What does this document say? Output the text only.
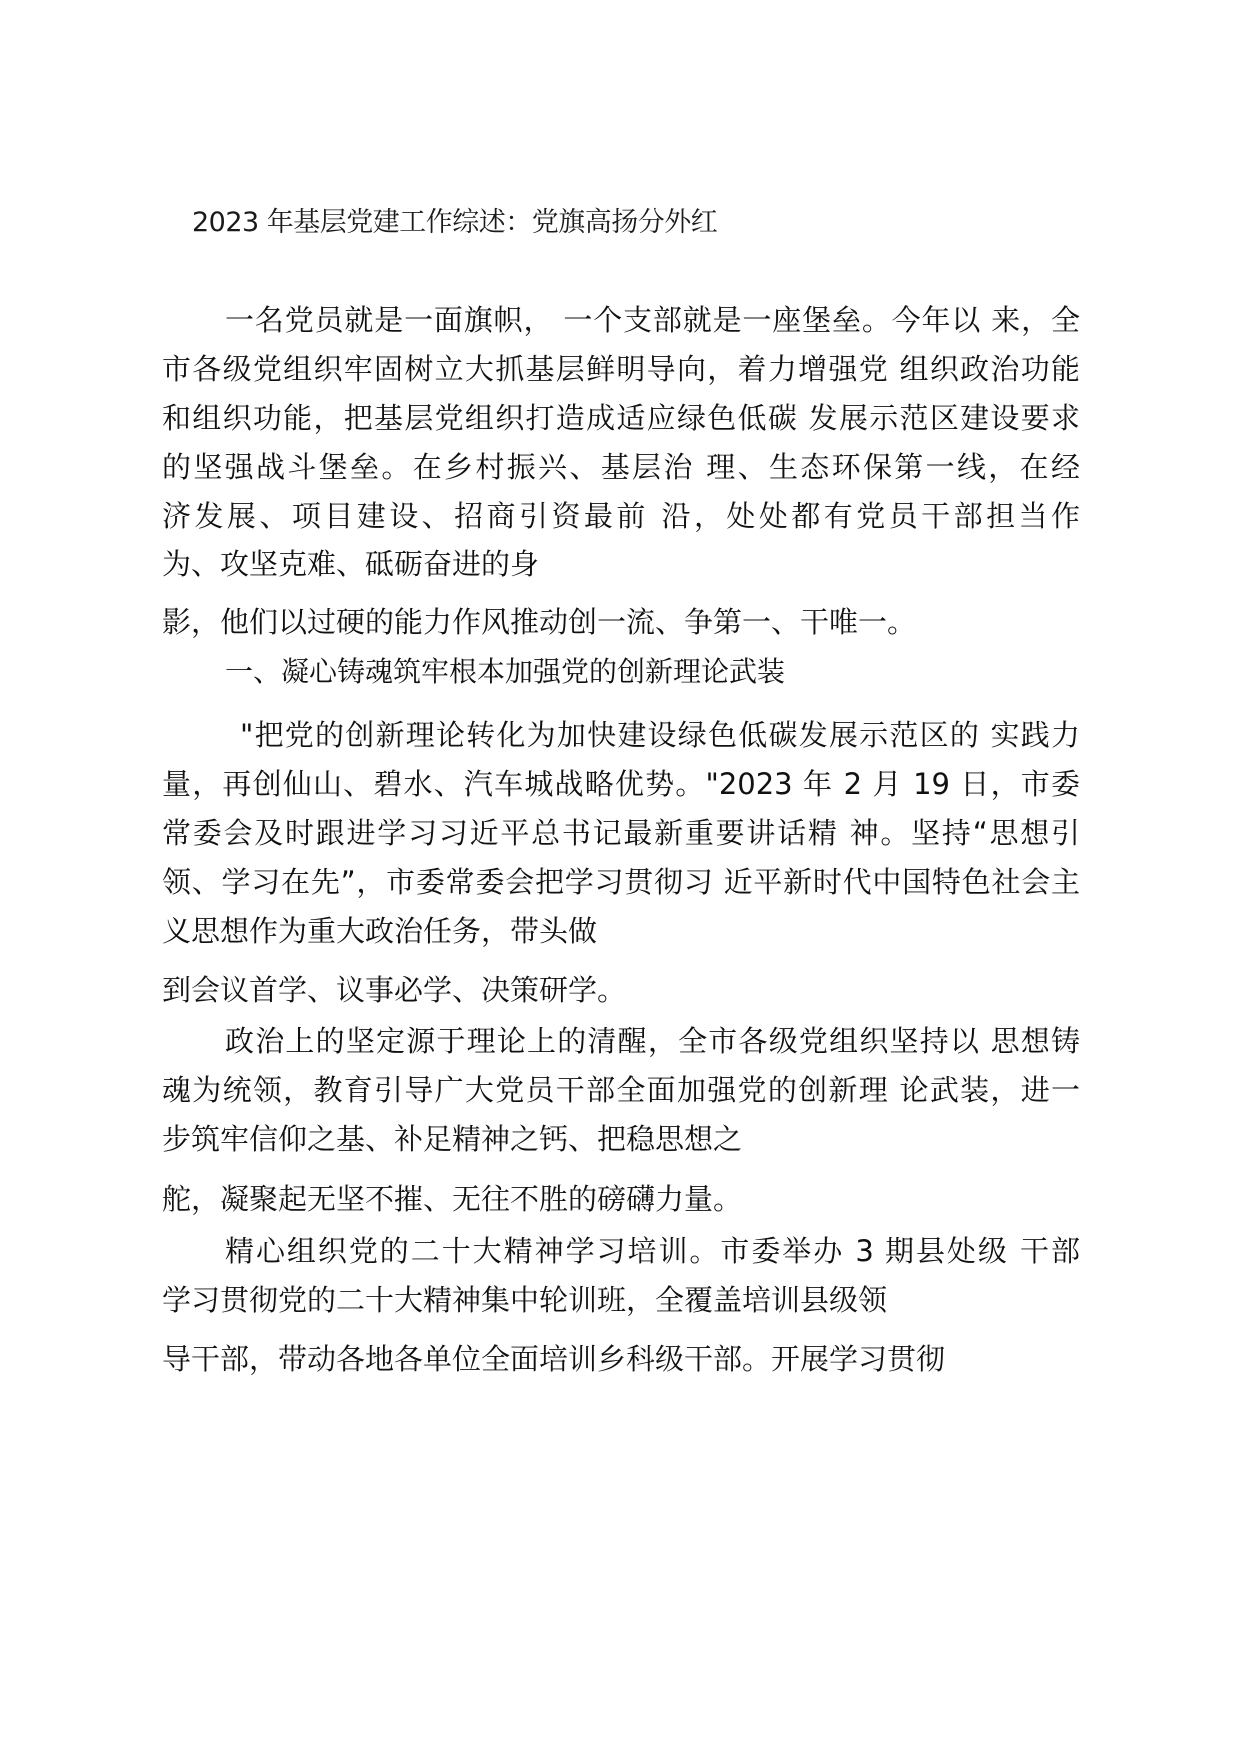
2023 年基层党建工作综述：党旗高扬分外红
一名党员就是一面旗帜， 一个支部就是一座堡垒。今年以 来，全
市各级党组织牢固树立大抓基层鲜明导向，着力增强党 组织政治功能
和组织功能，把基层党组织打造成适应绿色低碳 发展示范区建设要求
的坚强战斗堡垒。在乡村振兴、基层治 理、生态环保第一线，在经
济发展、项目建设、招商引资最前 沿，处处都有党员干部担当作
为、攻坚克难、砥砺奋进的身
影，他们以过硬的能力作风推动创一流、争第一、干唯一。
一、凝心铸魂筑牢根本加强党的创新理论武装
"把党的创新理论转化为加快建设绿色低碳发展示范区的 实践力
量，再创仙山、碧水、汽车城战略优势。"2023 年 2 月 19 日，市委
常委会及时跟进学习习近平总书记最新重要讲话精 神。坚持“思想引
领、学习在先”，市委常委会把学习贯彻习 近平新时代中国特色社会主
义思想作为重大政治任务，带头做
到会议首学、议事必学、决策研学。
政治上的坚定源于理论上的清醒，全市各级党组织坚持以 思想铸
魂为统领，教育引导广大党员干部全面加强党的创新理 论武装，进一
步筑牢信仰之基、补足精神之钙、把稳思想之
舵，凝聚起无坚不摧、无往不胜的磅礴力量。
精心组织党的二十大精神学习培训。市委举办 3 期县处级 干部
学习贯彻党的二十大精神集中轮训班，全覆盖培训县级领
导干部，带动各地各单位全面培训乡科级干部。开展学习贯彻
